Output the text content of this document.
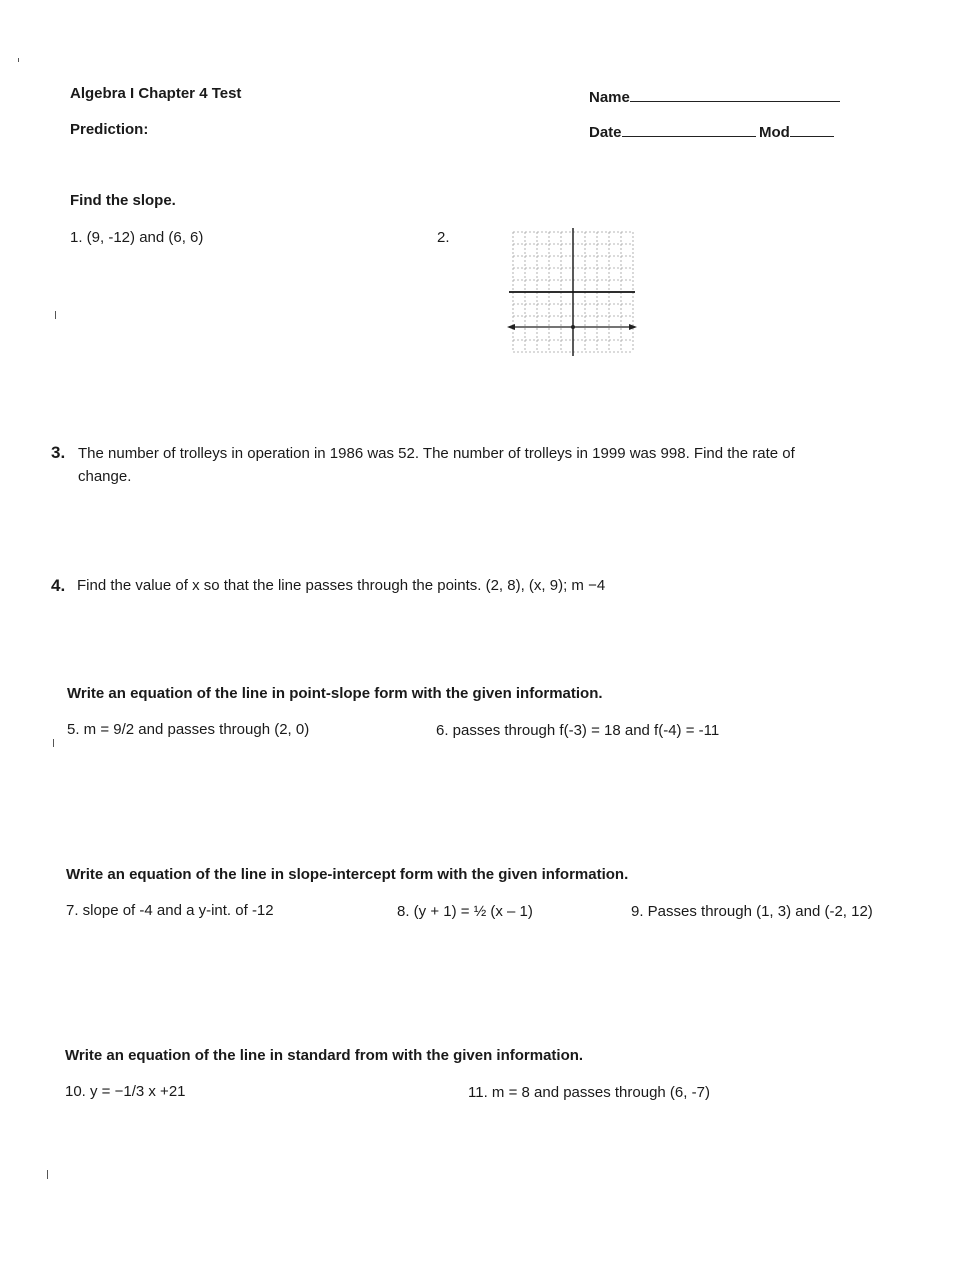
Algebra I Chapter 4 Test
Prediction:
Name
Date	Mod
Find the slope.
1. (9, -12) and (6, 6)	2.
3. The number of trolleys in operation in 1986 was 52. The number of trolleys in 1999 was 998. Find the rate of
change.
4. Find the value of x so that the line passes through the points. (2, 8), (x, 9); m −4
Write an equation of the line in point-slope form with the given information.
5. m = 9/2 and passes through (2, 0)	6. passes through f(-3) = 18 and f(-4) = -11
Write an equation of the line in slope-intercept form with the given information.
7. slope of -4 and a y-int. of -12	8. (y + 1) = ½ (x – 1)	9. Passes through (1, 3) and (-2, 12)
Write an equation of the line in standard from with the given information.
10. y = −1/3 x +21	11. m = 8 and passes through (6, -7)
